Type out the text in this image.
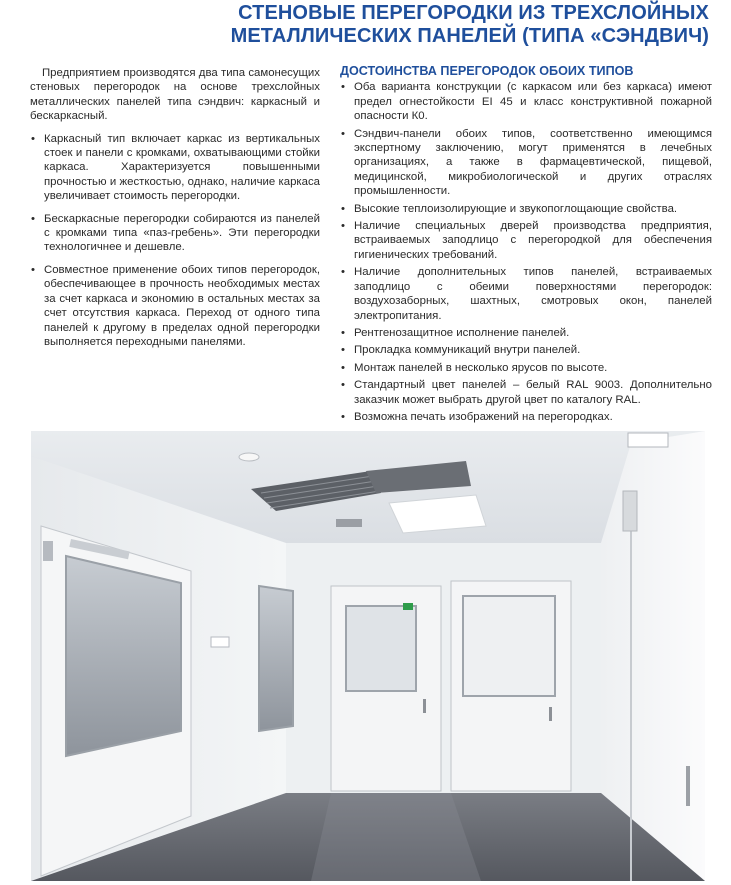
СТЕНОВЫЕ ПЕРЕГОРОДКИ ИЗ ТРЕХСЛОЙНЫХ
МЕТАЛЛИЧЕСКИХ ПАНЕЛЕЙ (ТИПА «СЭНДВИЧ)

Предприятием производятся два типа самонесущих стеновых перегородок на основе трехслойных металлических панелей типа сэндвич: каркасный и бескаркасный.

• Каркасный тип включает каркас из вертикальных стоек и панели с кромками, охватывающими стойки каркаса. Характеризуется повышенными прочностью и жесткостью, однако, наличие каркаса увеличивает стоимость перегородки.
• Бескаркасные перегородки собираются из панелей с кромками типа «паз-гребень». Эти перегородки технологичнее и дешевле.
• Совместное применение обоих типов перегородок, обеспечивающее в прочность необходимых местах за счет каркаса и экономию в остальных местах за счет отсутствия каркаса. Переход от одного типа панелей к другому в пределах одной перегородки выполняется переходными панелями.
ДОСТОИНСТВА ПЕРЕГОРОДОК ОБОИХ ТИПОВ
• Оба варианта конструкции (с каркасом или без каркаса) имеют предел огнестойкости EI 45 и класс конструктивной пожарной опасности К0.
• Сэндвич-панели обоих типов, соответственно имеющимся экспертному заключению, могут применятся в лечебных организациях, а также в фармацевтической, пищевой, медицинской, микробиологической и других отраслях промышленности.
• Высокие теплоизолирующие и звукопоглощающие свойства.
• Наличие специальных дверей производства предприятия, встраиваемых заподлицо с перегородкой для обеспечения гигиенических требований.
• Наличие дополнительных типов панелей, встраиваемых заподлицо с обеими поверхностями перегородок: воздухозаборных, шахтных, смотровых окон, панелей электропитания.
• Рентгенозащитное исполнение панелей.
• Прокладка коммуникаций внутри панелей.
• Монтаж панелей в несколько ярусов по высоте.
• Стандартный цвет панелей – белый RAL 9003. Дополнительно заказчик может выбрать другой цвет по каталогу RAL.
• Возможна печать изображений на перегородках.
